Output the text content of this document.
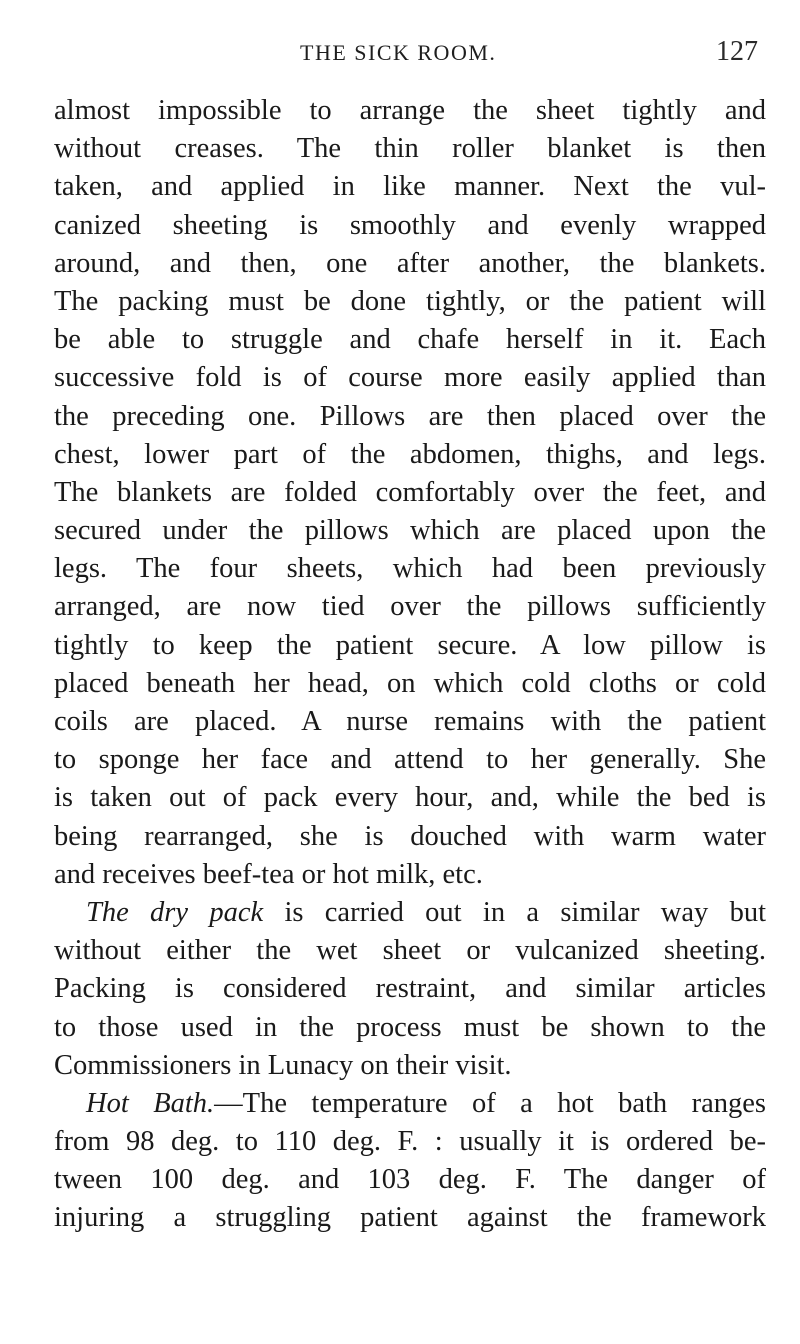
THE SICK ROOM.	127
almost impossible to arrange the sheet tightly and
without creases. The thin roller blanket is then
taken, and applied in like manner. Next the vul-
canized sheeting is smoothly and evenly wrapped
around, and then, one after another, the blankets.
The packing must be done tightly, or the patient will
be able to struggle and chafe herself in it. Each
successive fold is of course more easily applied than
the preceding one. Pillows are then placed over the
chest, lower part of the abdomen, thighs, and legs.
The blankets are folded comfortably over the feet, and
secured under the pillows which are placed upon the
legs. The four sheets, which had been previously
arranged, are now tied over the pillows sufficiently
tightly to keep the patient secure. A low pillow is
placed beneath her head, on which cold cloths or cold
coils are placed. A nurse remains with the patient
to sponge her face and attend to her generally. She
is taken out of pack every hour, and, while the bed is
being rearranged, she is douched with warm water
and receives beef-tea or hot milk, etc.
The dry pack is carried out in a similar way but
without either the wet sheet or vulcanized sheeting.
Packing is considered restraint, and similar articles
to those used in the process must be shown to the
Commissioners in Lunacy on their visit.
Hot Bath.—The temperature of a hot bath ranges
from 98 deg. to 110 deg. F. : usually it is ordered be-
tween 100 deg. and 103 deg. F. The danger of
injuring a struggling patient against the framework
